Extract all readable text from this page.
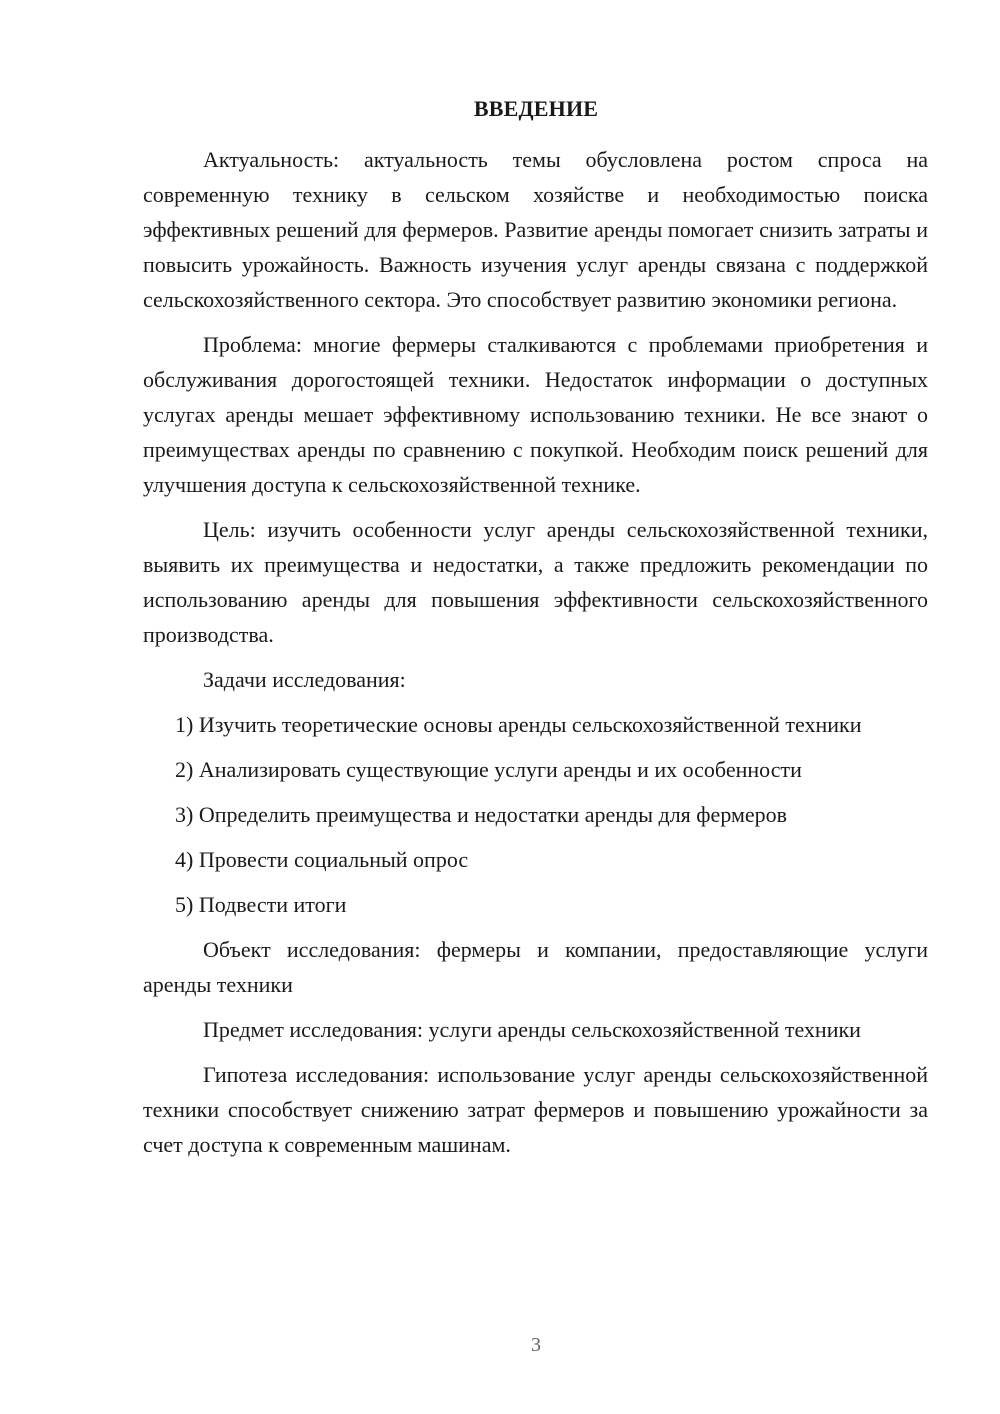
ВВЕДЕНИЕ

Актуальность: актуальность темы обусловлена ростом спроса на современную технику в сельском хозяйстве и необходимостью поиска эффективных решений для фермеров. Развитие аренды помогает снизить затраты и повысить урожайность. Важность изучения услуг аренды связана с поддержкой сельскохозяйственного сектора. Это способствует развитию экономики региона.

Проблема: многие фермеры сталкиваются с проблемами приобретения и обслуживания дорогостоящей техники. Недостаток информации о доступных услугах аренды мешает эффективному использованию техники. Не все знают о преимуществах аренды по сравнению с покупкой. Необходим поиск решений для улучшения доступа к сельскохозяйственной технике.

Цель: изучить особенности услуг аренды сельскохозяйственной техники, выявить их преимущества и недостатки, а также предложить рекомендации по использованию аренды для повышения эффективности сельскохозяйственного производства.

Задачи исследования:

1) Изучить теоретические основы аренды сельскохозяйственной техники

2) Анализировать существующие услуги аренды и их особенности

3) Определить преимущества и недостатки аренды для фермеров

4) Провести социальный опрос

5) Подвести итоги

Объект исследования: фермеры и компании, предоставляющие услуги аренды техники

Предмет исследования: услуги аренды сельскохозяйственной техники

Гипотеза исследования: использование услуг аренды сельскохозяйственной техники способствует снижению затрат фермеров и повышению урожайности за счет доступа к современным машинам.

3
